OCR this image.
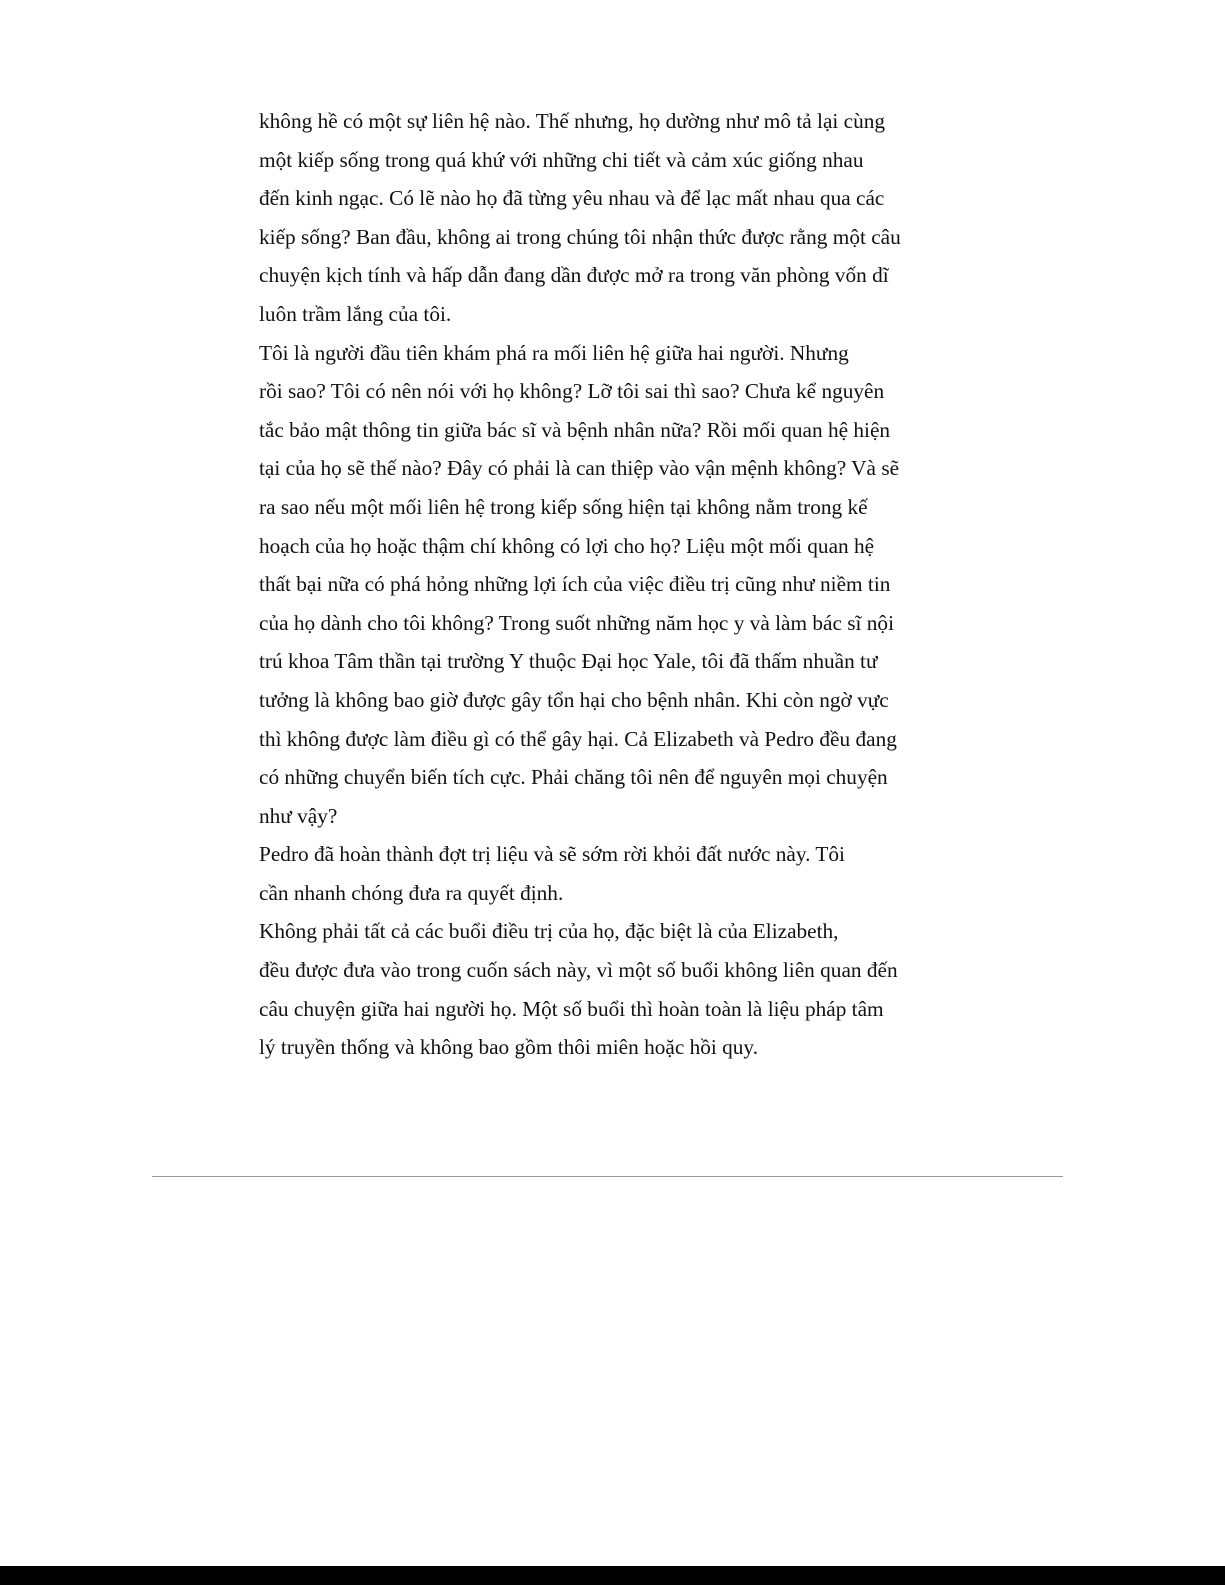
không hề có một sự liên hệ nào. Thế nhưng, họ dường như mô tả lại cùng
một kiếp sống trong quá khứ với những chi tiết và cảm xúc giống nhau
đến kinh ngạc. Có lẽ nào họ đã từng yêu nhau và để lạc mất nhau qua các
kiếp sống? Ban đầu, không ai trong chúng tôi nhận thức được rằng một câu
chuyện kịch tính và hấp dẫn đang dần được mở ra trong văn phòng vốn dĩ
luôn trầm lắng của tôi.
Tôi là người đầu tiên khám phá ra mối liên hệ giữa hai người. Nhưng
rồi sao? Tôi có nên nói với họ không? Lỡ tôi sai thì sao? Chưa kể nguyên
tắc bảo mật thông tin giữa bác sĩ và bệnh nhân nữa? Rồi mối quan hệ hiện
tại của họ sẽ thế nào? Đây có phải là can thiệp vào vận mệnh không? Và sẽ
ra sao nếu một mối liên hệ trong kiếp sống hiện tại không nằm trong kế
hoạch của họ hoặc thậm chí không có lợi cho họ? Liệu một mối quan hệ
thất bại nữa có phá hỏng những lợi ích của việc điều trị cũng như niềm tin
của họ dành cho tôi không? Trong suốt những năm học y và làm bác sĩ nội
trú khoa Tâm thần tại trường Y thuộc Đại học Yale, tôi đã thấm nhuần tư
tưởng là không bao giờ được gây tổn hại cho bệnh nhân. Khi còn ngờ vực
thì không được làm điều gì có thể gây hại. Cả Elizabeth và Pedro đều đang
có những chuyển biến tích cực. Phải chăng tôi nên để nguyên mọi chuyện
như vậy?
Pedro đã hoàn thành đợt trị liệu và sẽ sớm rời khỏi đất nước này. Tôi
cần nhanh chóng đưa ra quyết định.
Không phải tất cả các buổi điều trị của họ, đặc biệt là của Elizabeth,
đều được đưa vào trong cuốn sách này, vì một số buổi không liên quan đến
câu chuyện giữa hai người họ. Một số buổi thì hoàn toàn là liệu pháp tâm
lý truyền thống và không bao gồm thôi miên hoặc hồi quy.
